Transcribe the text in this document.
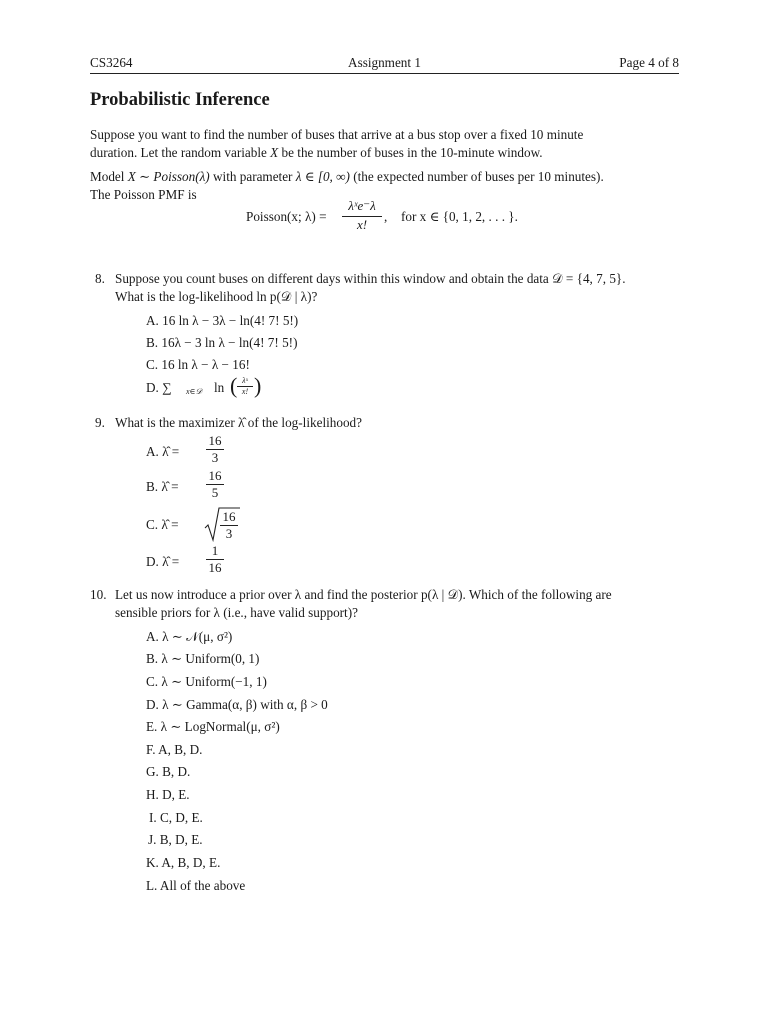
CS3264	Assignment 1	Page 4 of 8
Probabilistic Inference

Suppose you want to find the number of buses that arrive at a bus stop over a fixed 10 minute

duration. Let the random variable X be the number of buses in the 10-minute window.

Model X ∼ Poisson(λ) with parameter λ ∈ [0, ∞) (the expected number of buses per 10 minutes).

The Poisson PMF is

Poisson(x; λ) =
λˣe⁻λ
x!
, for x ∈ {0, 1, 2, . . . }.
8. Suppose you count buses on different days within this window and obtain the data 𝒟 = {4, 7, 5}.
What is the log-likelihood ln p(𝒟 | λ)?
A. 16 ln λ − 3λ − ln(4! 7! 5!)
B. 16λ − 3 ln λ − ln(4! 7! 5!)
C. 16 ln λ − λ − 16!
D. ∑ x∈𝒟 ln ( λˣ
x! )
9. What is the maximizer λ̂ of the log-likelihood?
A. λ̂ = $\frac{16}{3}$
B. λ̂ = $\frac{16}{5}$
C. λ̂ =	$\frac{16}{3}$
D. λ̂ = $\frac{1}{16}$
10. Let us now introduce a prior over λ and find the posterior p(λ | 𝒟). Which of the following are
sensible priors for λ (i.e., have valid support)?
A. λ ∼ 𝒩(μ, σ²)
B. λ ∼ Uniform(0, 1)
C. λ ∼ Uniform(−1, 1)
D. λ ∼ Gamma(α, β) with α, β > 0
E. λ ∼ LogNormal(μ, σ²)
F. A, B, D.
G. B, D.
H. D, E.
I. C, D, E.
J. B, D, E.
K. A, B, D, E.
L. All of the above
